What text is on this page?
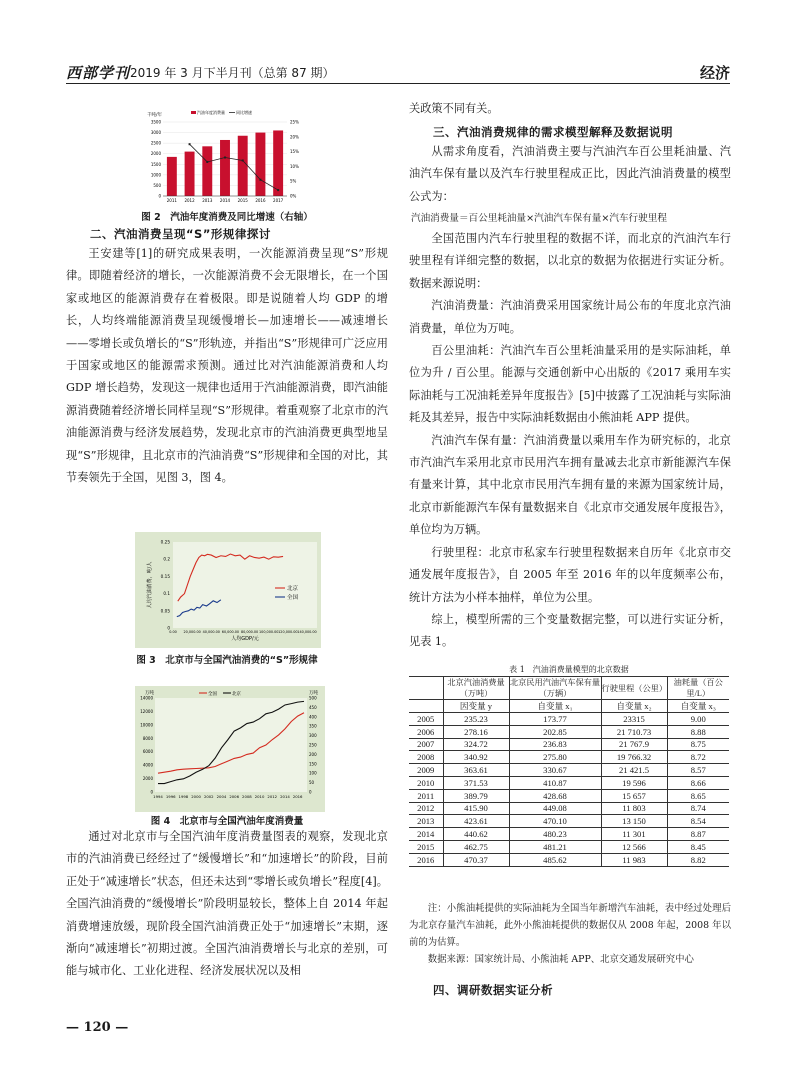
西部学刊 2019 年 3 月下半月刊（总第 87 期）	经济
千吨/年
3500
3000
2500
2000
1500
1000
500
0
25%
20%
15%
10%
5%
0%
2011 2012 2013 2014 2015 2016 2017
汽油年度消费量	同比增速
图 2　汽油年度消费及同比增速（右轴）
二、汽油消费呈现“S”形规律探讨

王安建等[1]的研究成果表明，一次能源消费呈现“S”形规律。即随着经济的增长，一次能源消费不会无限增长，在一个国家或地区的能源消费存在着极限。即是说随着人均 GDP 的增长，人均终端能源消费呈现缓慢增长—加速增长——减速增长——零增长或负增长的“S”形轨迹，并指出“S”形规律可广泛应用于国家或地区的能源需求预测。通过比对汽油能源消费和人均 GDP 增长趋势，发现这一规律也适用于汽油能源消费，即汽油能源消费随着经济增长同样呈现“S”形规律。着重观察了北京市的汽油能源消费与经济发展趋势，发现北京市的汽油消费更典型地呈现“S”形规律，且北京市的汽油消费“S”形规律和全国的对比，其节奏领先于全国，见图 3，图 4。

0.25
0.2
0.15
0.1
0.05
0
0.00 20,000.00 40,000.00 60,000.00 80,000.00 100,000.00 120,000.00 140,000.00
人均GDP/元
人均汽油消费，吨/人	北京
全国
图 3　北京市与全国汽油消费的“S”形规律
万吨	万吨
14000
12000
10000
8000
6000
4000
2000
0
500
450
400
350
300
250
200
150
100
50
0
1994 1996 1998 2000 2002 2004 2006 2008 2010 2012 2014 2016
全国	北京
图 4　北京市与全国汽油年度消费量

通过对北京市与全国汽油年度消费量图表的观察，发现北京市的汽油消费已经经过了“缓慢增长”和“加速增长”的阶段，目前正处于“减速增长”状态，但还未达到“零增长或负增长”程度[4]。全国汽油消费的“缓慢增长”阶段明显较长，整体上自 2014 年起消费增速放缓，现阶段全国汽油消费正处于“加速增长”末期，逐渐向“减速增长”初期过渡。全国汽油消费增长与北京的差别，可能与城市化、工业化进程、经济发展状况以及相

关政策不同有关。

三、汽油消费规律的需求模型解释及数据说明

从需求角度看，汽油消费主要与汽油汽车百公里耗油量、汽油汽车保有量以及汽车行驶里程成正比，因此汽油消费量的模型公式为：

汽油消费量＝百公里耗油量×汽油汽车保有量×汽车行驶里程

全国范围内汽车行驶里程的数据不详，而北京的汽油汽车行驶里程有详细完整的数据，以北京的数据为依据进行实证分析。数据来源说明：

汽油消费量：汽油消费采用国家统计局公布的年度北京汽油消费量，单位为万吨。

百公里油耗：汽油汽车百公里耗油量采用的是实际油耗，单位为升 / 百公里。能源与交通创新中心出版的《2017 乘用车实际油耗与工况油耗差异年度报告》[5]中披露了工况油耗与实际油耗及其差异，报告中实际油耗数据由小熊油耗 APP 提供。

汽油汽车保有量：汽油消费量以乘用车作为研究标的，北京市汽油汽车采用北京市民用汽车拥有量减去北京市新能源汽车保有量来计算，其中北京市民用汽车拥有量的来源为国家统计局，北京市新能源汽车保有量数据来自《北京市交通发展年度报告》，单位均为万辆。

行驶里程：北京市私家车行驶里程数据来自历年《北京市交通发展年度报告》，自 2005 年至 2016 年的以年度频率公布，统计方法为小样本抽样，单位为公里。

综上，模型所需的三个变量数据完整，可以进行实证分析，见表 1。

表 1　汽油消费量模型的北京数据
	北京汽油消费量（万吨）	北京民用汽油汽车保有量（万辆）	行驶里程（公里）	油耗量（百公里/L）
	因变量 y	自变量 x₁	自变量 x₂	自变量 x₃
2005	235.23	173.77	23315	9.00
2006	278.16	202.85	21 710.73	8.88
2007	324.72	236.83	21 767.9	8.75
2008	340.92	275.80	19 766.32	8.72
2009	363.61	330.67	21 421.5	8.57
2010	371.53	410.87	19 596	8.66
2011	389.79	428.68	15 657	8.65
2012	415.90	449.08	11 803	8.74
2013	423.61	470.10	13 150	8.54
2014	440.62	480.23	11 301	8.87
2015	462.75	481.21	12 566	8.45
2016	470.37	485.62	11 983	8.82

注：小熊油耗提供的实际油耗为全国当年新增汽车油耗，表中经过处理后为北京存量汽车油耗，此外小熊油耗提供的数据仅从 2008 年起，2008 年以前的为估算。

数据来源：国家统计局、小熊油耗 APP、北京交通发展研究中心

四、调研数据实证分析
— 120 —
